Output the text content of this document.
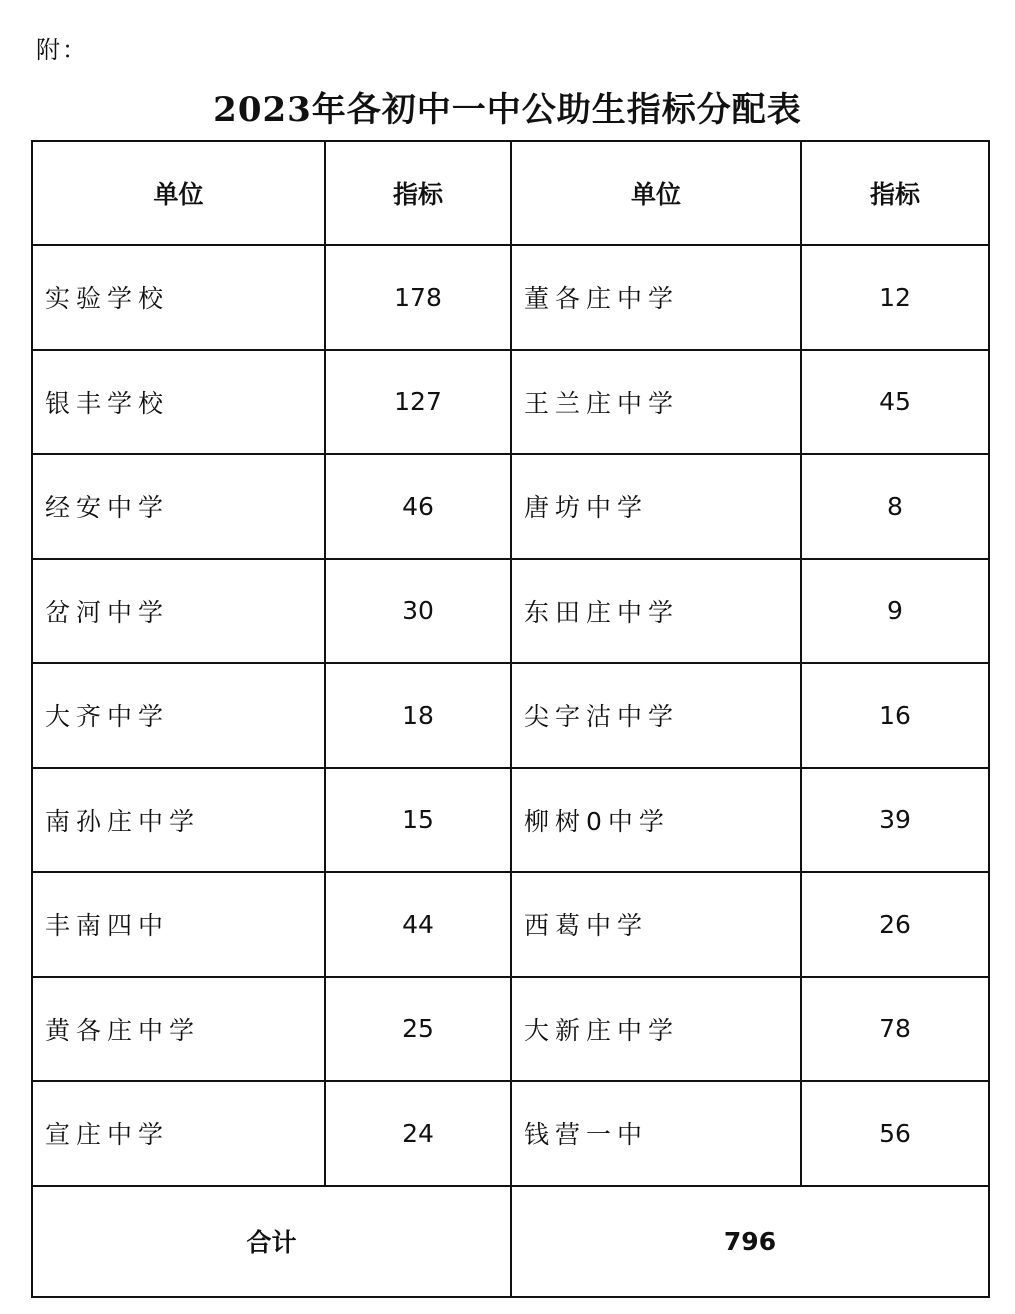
附：
2023年各初中一中公助生指标分配表
单位	指标	单位	指标
实验学校	178	董各庄中学	12
银丰学校	127	王兰庄中学	45
经安中学	46	唐坊中学	8
岔河中学	30	东田庄中学	9
大齐中学	18	尖字沽中学	16
南孙庄中学	15	柳树0中学	39
丰南四中	44	西葛中学	26
黄各庄中学	25	大新庄中学	78
宣庄中学	24	钱营一中	56
合计		796	
